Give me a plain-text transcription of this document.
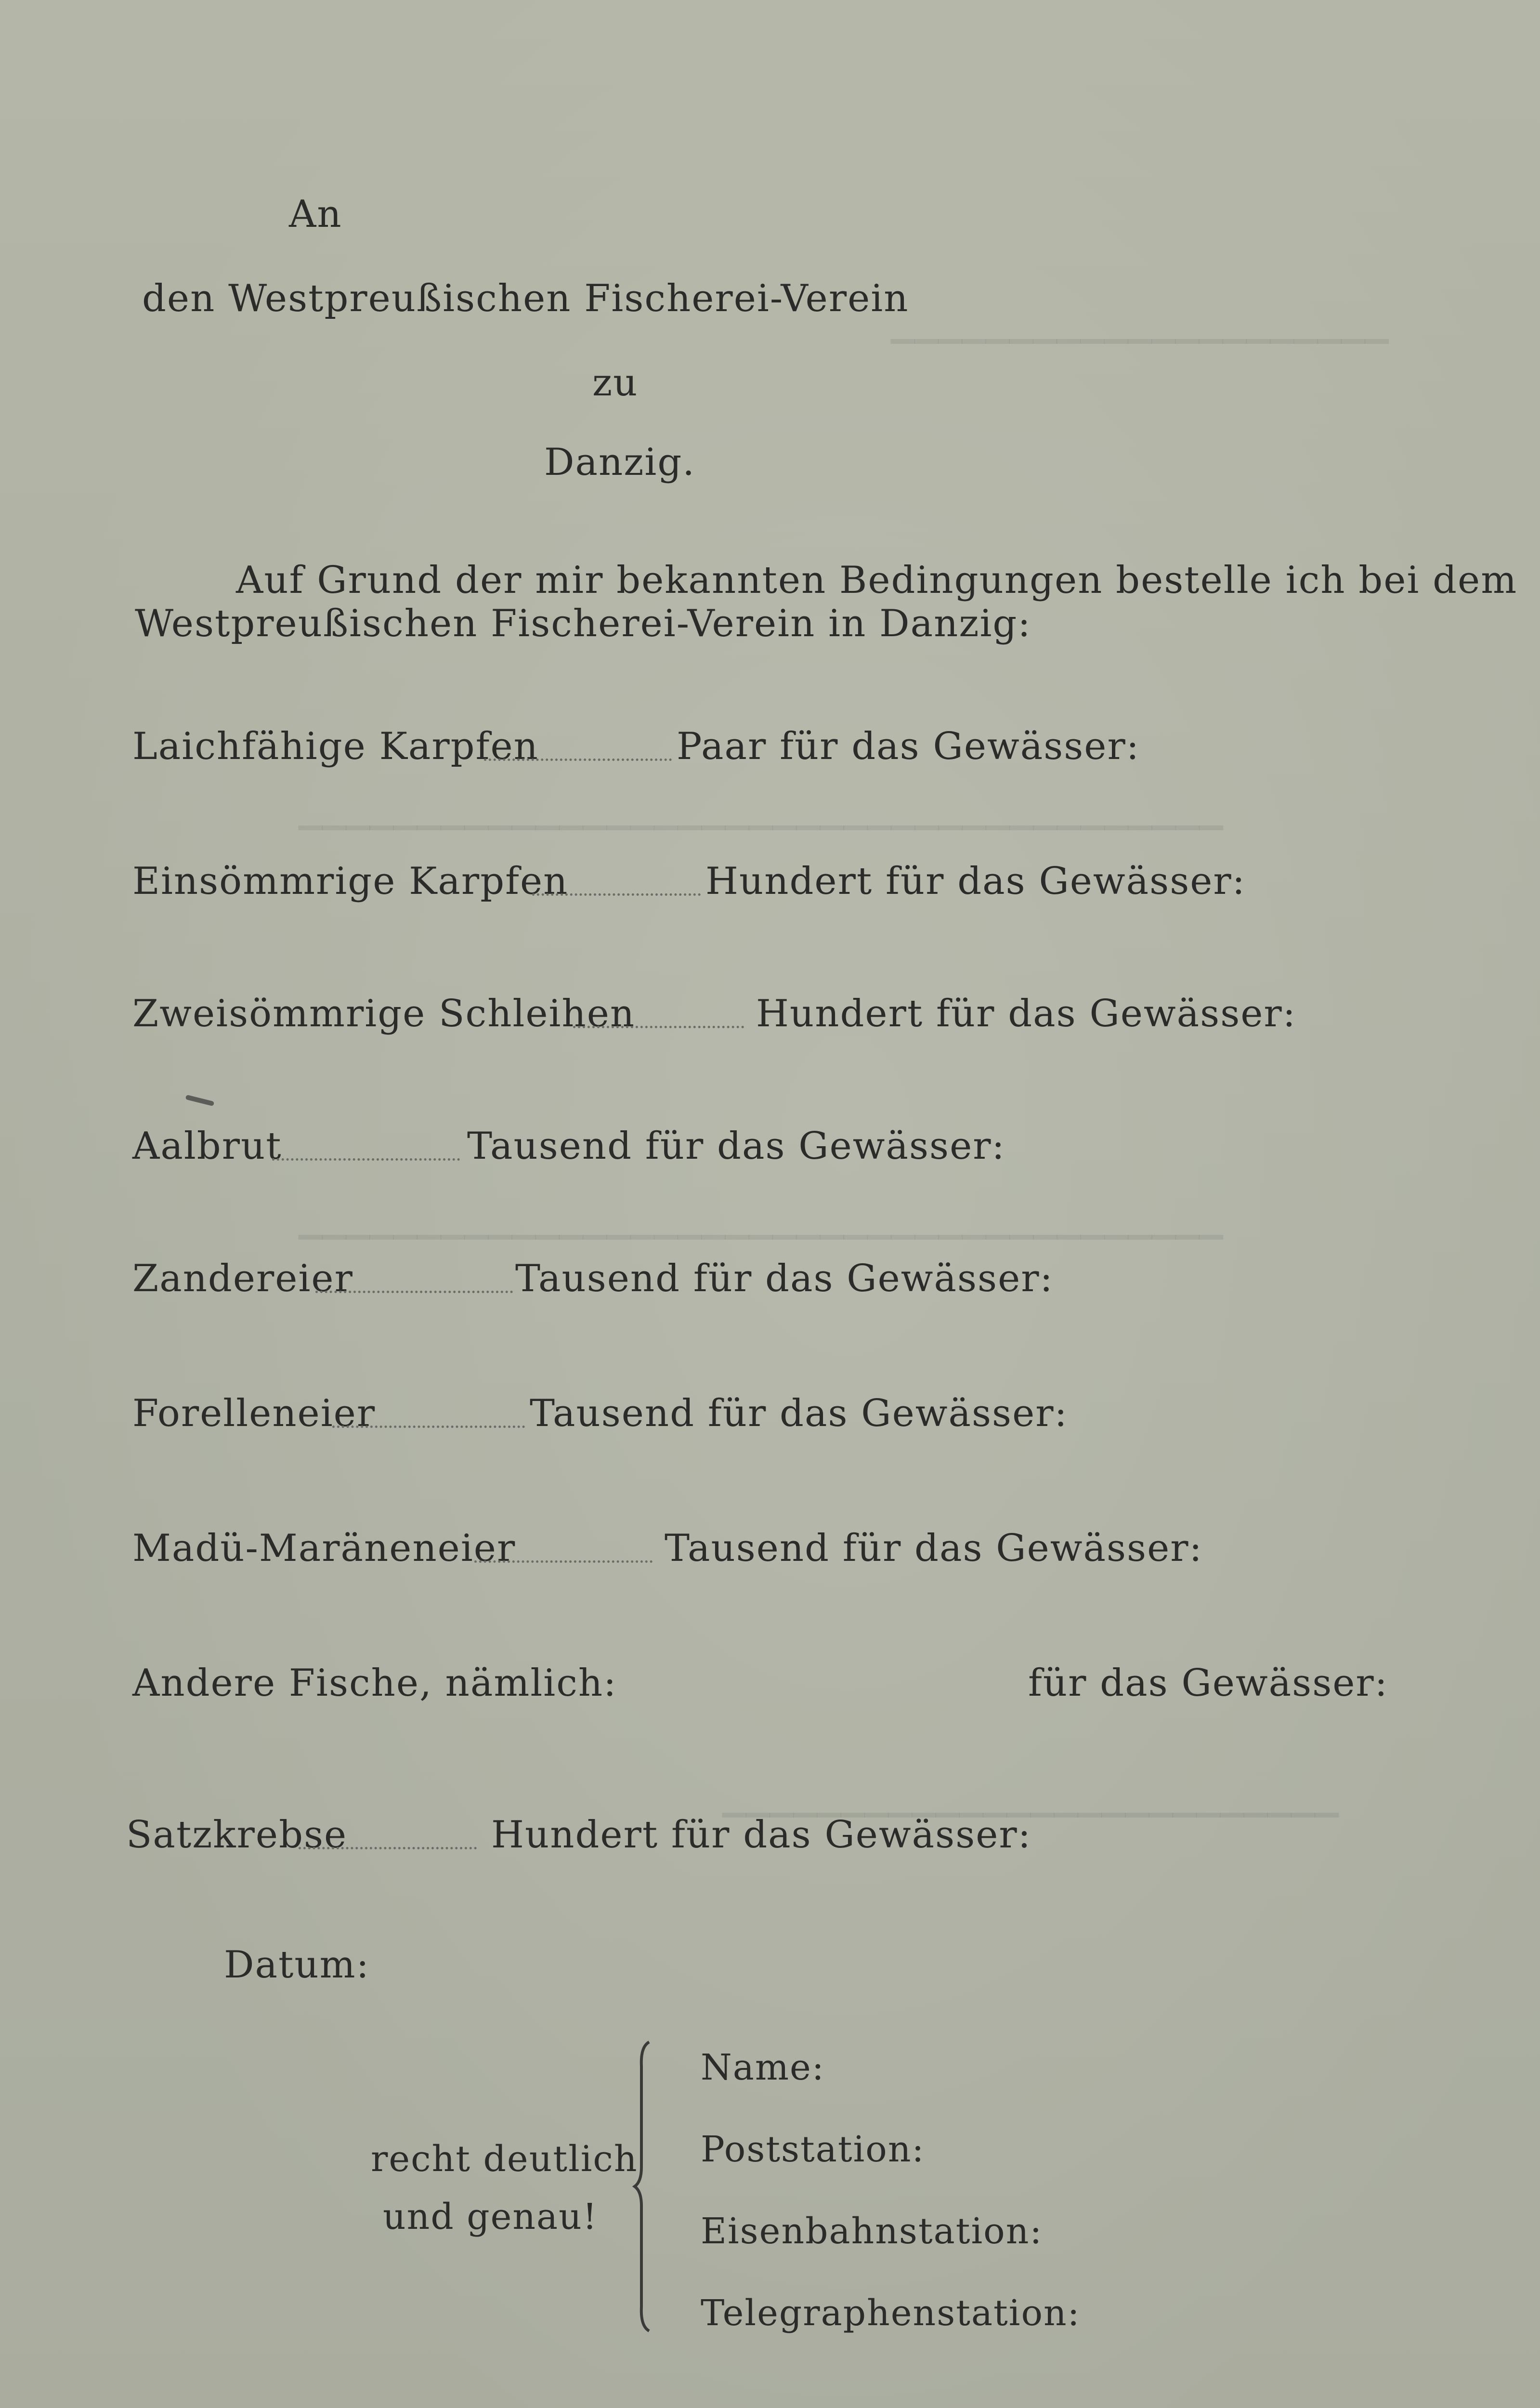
▁▁▁▁▁▁▁▁▁▁▁▁▁▁▁▁▁▁▁▁▁
▁▁▁▁▁▁▁▁▁▁▁▁▁▁▁▁▁▁▁▁▁▁▁▁▁▁▁▁▁▁▁▁▁▁▁▁▁▁▁
▁▁▁▁▁▁▁▁▁▁▁▁▁▁▁▁▁▁▁▁▁▁▁▁▁▁▁▁▁▁▁▁▁▁▁▁▁▁▁
▁▁▁▁▁▁▁▁▁▁▁▁▁▁▁▁▁▁▁▁▁▁▁▁▁▁
An
den Westpreußischen Fischerei-Verein
zu
Danzig.
Auf Grund der mir bekannten Bedingungen bestelle ich bei dem
Westpreußischen Fischerei-Verein in Danzig:
Laichfähige Karpfen	Paar für das Gewässer:
Einsömmrige Karpfen	Hundert für das Gewässer:
Zweisömmrige Schleihen	Hundert für das Gewässer:
Aalbrut	Tausend für das Gewässer:
Zandereier	Tausend für das Gewässer:
Forelleneier	Tausend für das Gewässer:
Madü-Maräneneier	Tausend für das Gewässer:
Andere Fische, nämlich:	für das Gewässer:
Satzkrebse	Hundert für das Gewässer:
Datum:
recht deutlich
und genau!
Name:
Poststation:
Eisenbahnstation:
Telegraphenstation:
